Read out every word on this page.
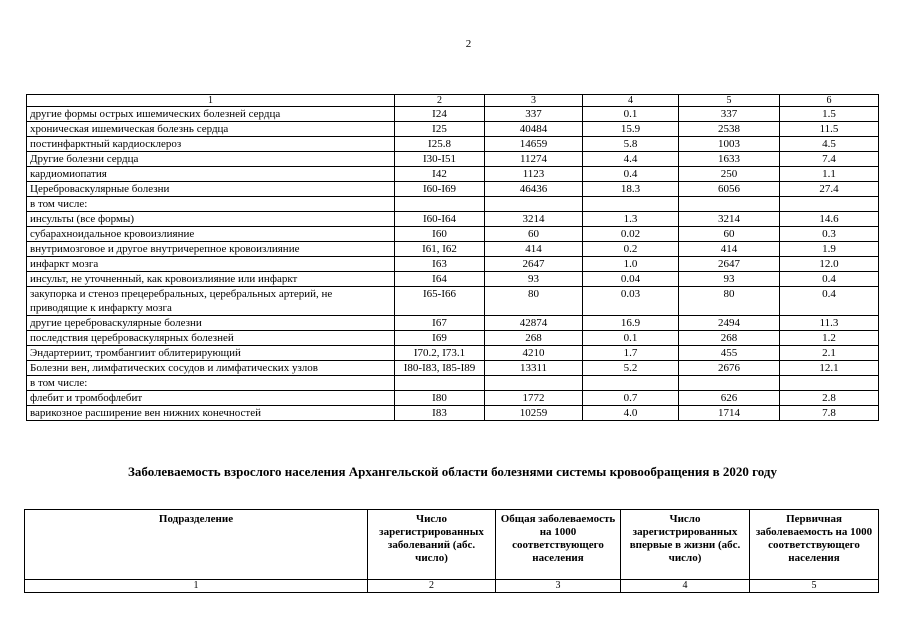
2
1	2	3	4	5	6
другие формы острых ишемических болезней сердца	I24	337	0.1	337	1.5
хроническая ишемическая болезнь сердца	I25	40484	15.9	2538	11.5
постинфарктный кардиосклероз	I25.8	14659	5.8	1003	4.5
Другие болезни сердца	I30-I51	11274	4.4	1633	7.4
кардиомиопатия	I42	1123	0.4	250	1.1
Цереброваскулярные болезни	I60-I69	46436	18.3	6056	27.4
в том числе:					
инсульты (все формы)	I60-I64	3214	1.3	3214	14.6
субарахноидальное кровоизлияние	I60	60	0.02	60	0.3
внутримозговое и другое внутричерепное кровоизлияние	I61, I62	414	0.2	414	1.9
инфаркт мозга	I63	2647	1.0	2647	12.0
инсульт, не уточненный, как кровоизлияние или инфаркт	I64	93	0.04	93	0.4
закупорка и стеноз прецеребральных, церебральных артерий, не приводящие к инфаркту мозга	I65-I66	80	0.03	80	0.4
другие цереброваскулярные болезни	I67	42874	16.9	2494	11.3
последствия цереброваскулярных болезней	I69	268	0.1	268	1.2
Эндартериит, тромбангиит облитерирующий	I70.2, I73.1	4210	1.7	455	2.1
Болезни вен, лимфатических сосудов и лимфатических узлов	I80-I83, I85-I89	13311	5.2	2676	12.1
в том числе:					
флебит и тромбофлебит	I80	1772	0.7	626	2.8
варикозное расширение вен нижних конечностей	I83	10259	4.0	1714	7.8
Заболеваемость взрослого населения Архангельской области болезнями системы кровообращения в 2020 году
Подразделение	Число зарегистрированных заболеваний (абс. число)	Общая заболеваемость на 1000 соответствующего населения	Число зарегистрированных впервые в жизни (абс. число)	Первичная заболеваемость на 1000 соответствующего населения
1	2	3	4	5
